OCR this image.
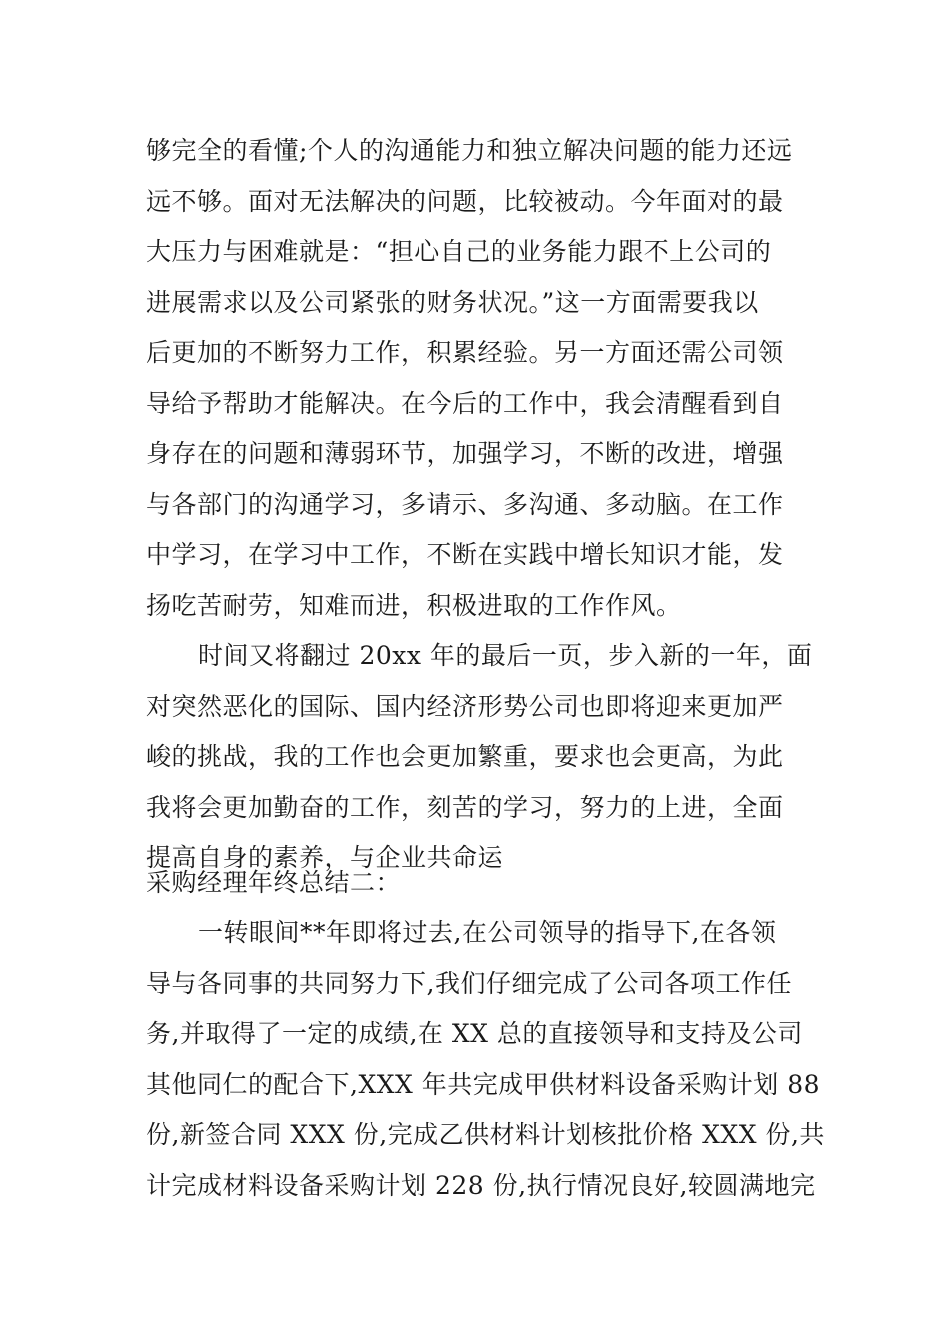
够完全的看懂;个人的沟通能力和独立解决问题的能力还远
远不够。面对无法解决的问题，比较被动。今年面对的最
大压力与困难就是：“担心自己的业务能力跟不上公司的
进展需求以及公司紧张的财务状况。”这一方面需要我以
后更加的不断努力工作，积累经验。另一方面还需公司领
导给予帮助才能解决。在今后的工作中，我会清醒看到自
身存在的问题和薄弱环节，加强学习，不断的改进，增强
与各部门的沟通学习，多请示、多沟通、多动脑。在工作
中学习，在学习中工作，不断在实践中增长知识才能，发
扬吃苦耐劳，知难而进，积极进取的工作作风。
时间又将翻过 20xx 年的最后一页，步入新的一年，面
对突然恶化的国际、国内经济形势公司也即将迎来更加严
峻的挑战，我的工作也会更加繁重，要求也会更高，为此
我将会更加勤奋的工作，刻苦的学习，努力的上进，全面
提高自身的素养，与企业共命运
采购经理年终总结二：
一转眼间**年即将过去,在公司领导的指导下,在各领
导与各同事的共同努力下,我们仔细完成了公司各项工作任
务,并取得了一定的成绩,在 XX 总的直接领导和支持及公司
其他同仁的配合下,XXX 年共完成甲供材料设备采购计划 88
份,新签合同 XXX 份,完成乙供材料计划核批价格 XXX 份,共
计完成材料设备采购计划 228 份,执行情况良好,较圆满地完
